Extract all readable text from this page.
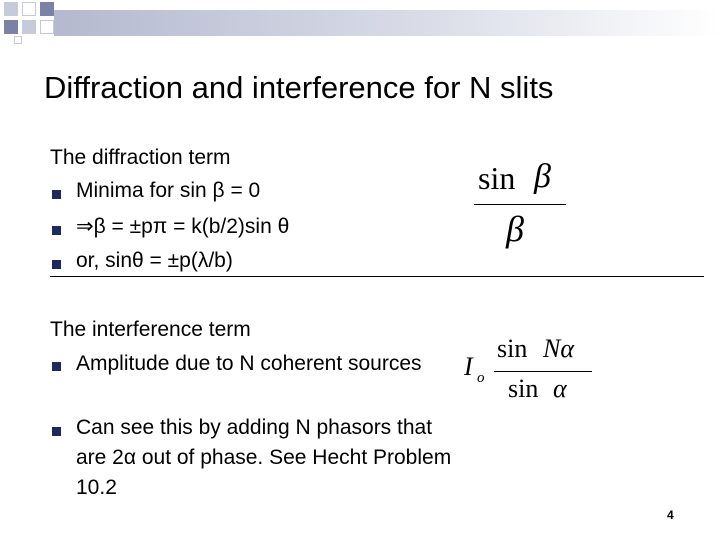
Diffraction and interference for N slits
The diffraction term
Minima for sin β = 0
⇒β = ±pπ = k(b/2)sin θ
or, sinθ = ±p(λ/b)
sin β
β
The interference term
Amplitude due to N coherent sources
Can see this by adding N phasors that are 2α out of phase. See Hecht Problem 10.2
I o
sin Nα
sin α
4
